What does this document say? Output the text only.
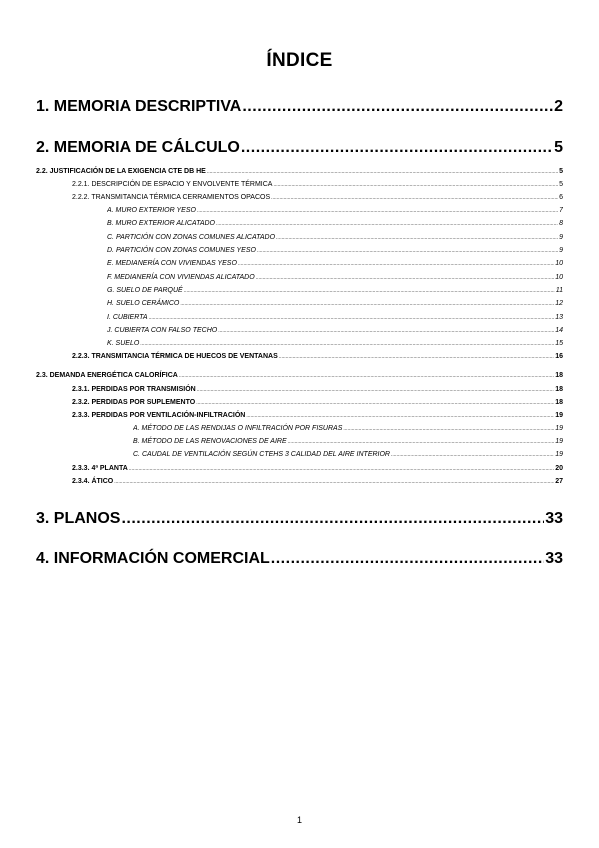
ÍNDICE
1. MEMORIA DESCRIPTIVA .....	2
2. MEMORIA DE CÁLCULO .....	5
2.2. JUSTIFICACIÓN DE LA EXIGENCIA CTE DB HE .....	5
2.2.1. DESCRIPCIÓN DE ESPACIO Y ENVOLVENTE TÉRMICA .....	5
2.2.2. TRANSMITANCIA TÉRMICA CERRAMIENTOS OPACOS .....	6
A. MURO EXTERIOR YESO .....	7
B. MURO EXTERIOR ALICATADO .....	8
C. PARTICIÓN CON ZONAS COMUNES ALICATADO .....	9
D. PARTICIÓN CON ZONAS COMUNES YESO .....	9
E. MEDIANERÍA CON VIVIENDAS YESO .....	10
F. MEDIANERÍA CON VIVIENDAS ALICATADO .....	10
G. SUELO DE PARQUÉ .....	11
H. SUELO CERÁMICO .....	12
I. CUBIERTA .....	13
J. CUBIERTA CON FALSO TECHO .....	14
K. SUELO .....	15
2.2.3. TRANSMITANCIA TÉRMICA DE HUECOS DE VENTANAS .....	16
2.3. DEMANDA ENERGÉTICA CALORÍFICA .....	18
2.3.1. PERDIDAS POR TRANSMISIÓN .....	18
2.3.2. PERDIDAS POR SUPLEMENTO .....	18
2.3.3. PERDIDAS POR VENTILACIÓN-INFILTRACIÓN .....	19
A. MÉTODO DE LAS RENDIJAS O INFILTRACIÓN POR FISURAS .....	19
B. MÉTODO DE LAS RENOVACIONES DE AIRE .....	19
C. CAUDAL DE VENTILACIÓN SEGÚN CTEHS 3 CALIDAD DEL AIRE INTERIOR .....	19
2.3.3. 4ª PLANTA .....	20
2.3.4. ÁTICO .....	27
3. PLANOS .....	33
4. INFORMACIÓN COMERCIAL .....	33
1
